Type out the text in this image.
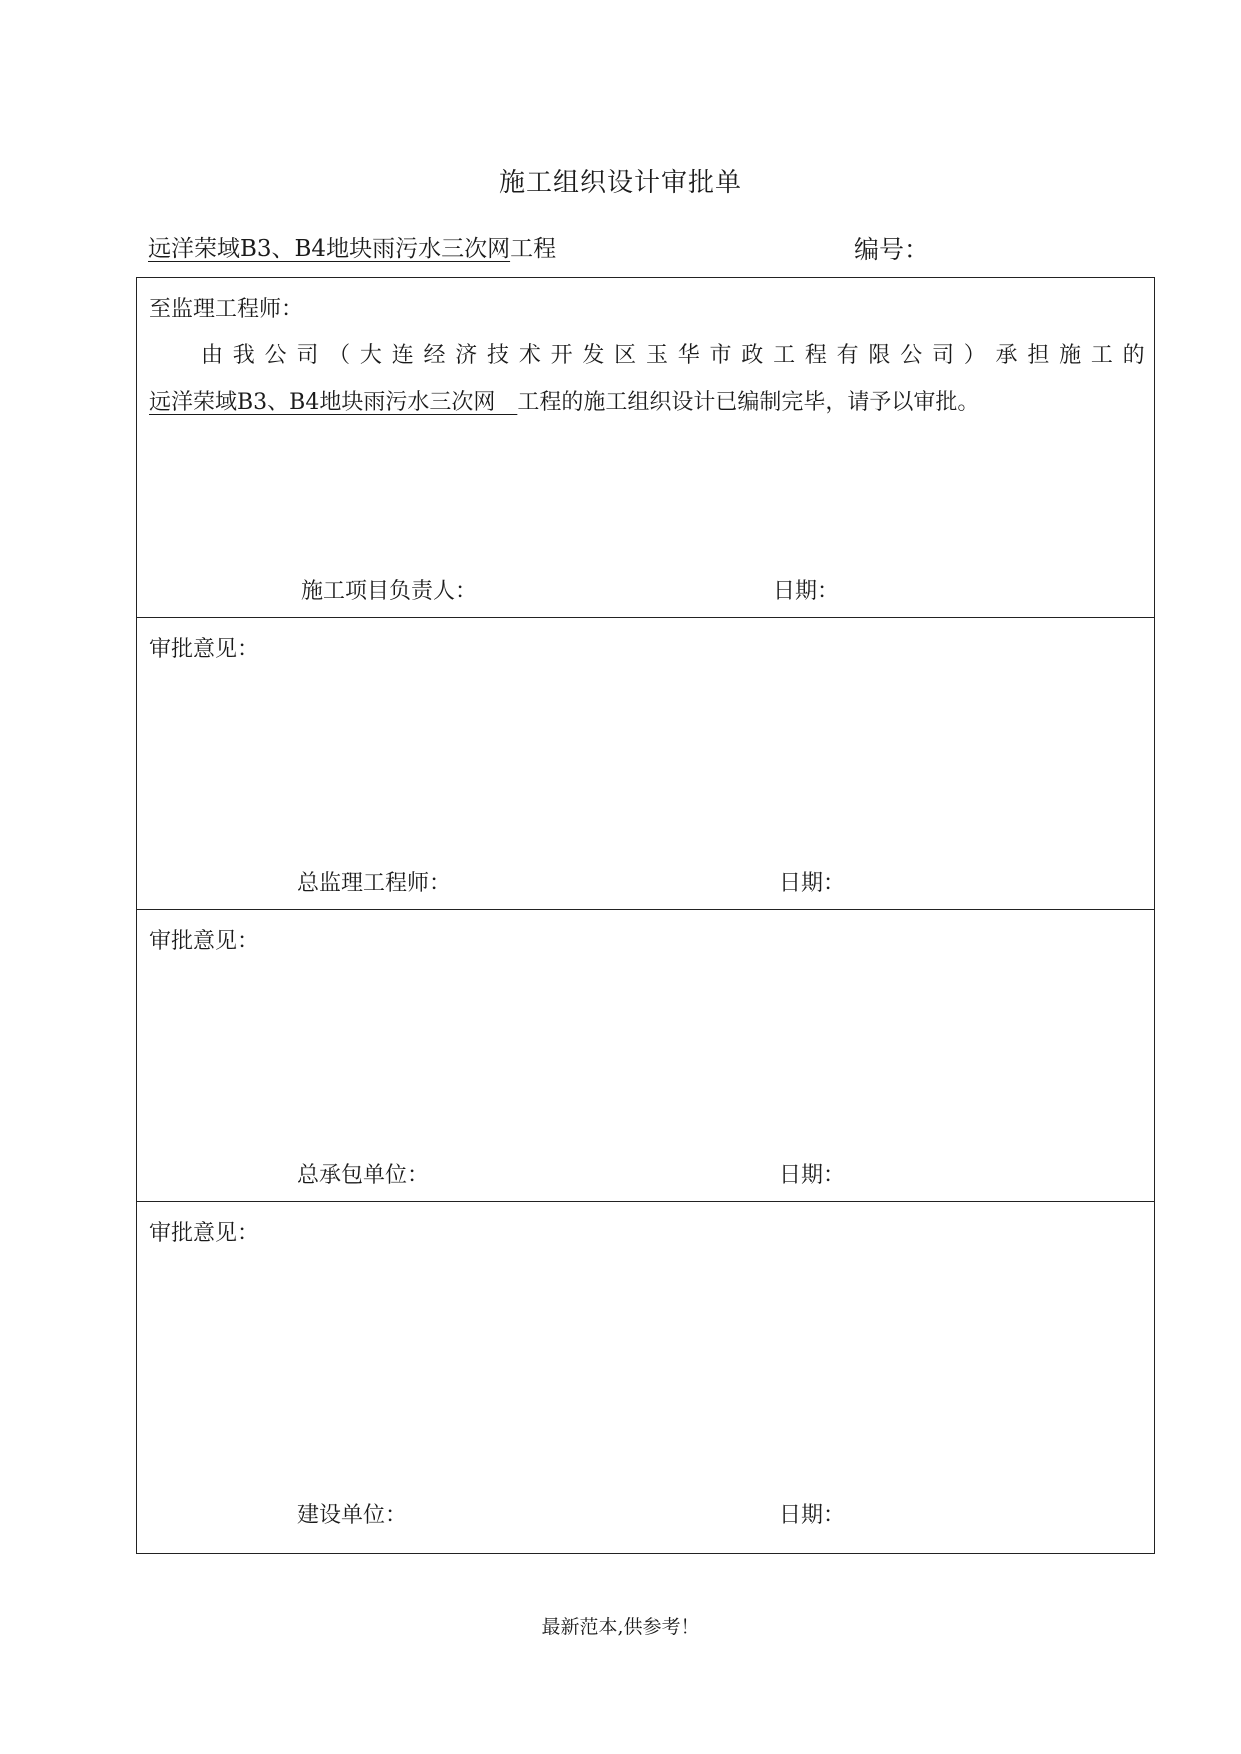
施工组织设计审批单
远洋荣域B3、B4地块雨污水三次网工程	编号：
至监理工程师：
由 我 公 司 （ 大 连 经 济 技 术 开 发 区 玉 华 市 政 工 程 有 限 公 司 ） 承 担 施 工 的
远洋荣域B3、B4地块雨污水三次网　工程的施工组织设计已编制完毕，请予以审批。
施工项目负责人：	日期：
审批意见：
总监理工程师：	日期：
审批意见：
总承包单位：	日期：
审批意见：
建设单位：	日期：
最新范本,供参考！
